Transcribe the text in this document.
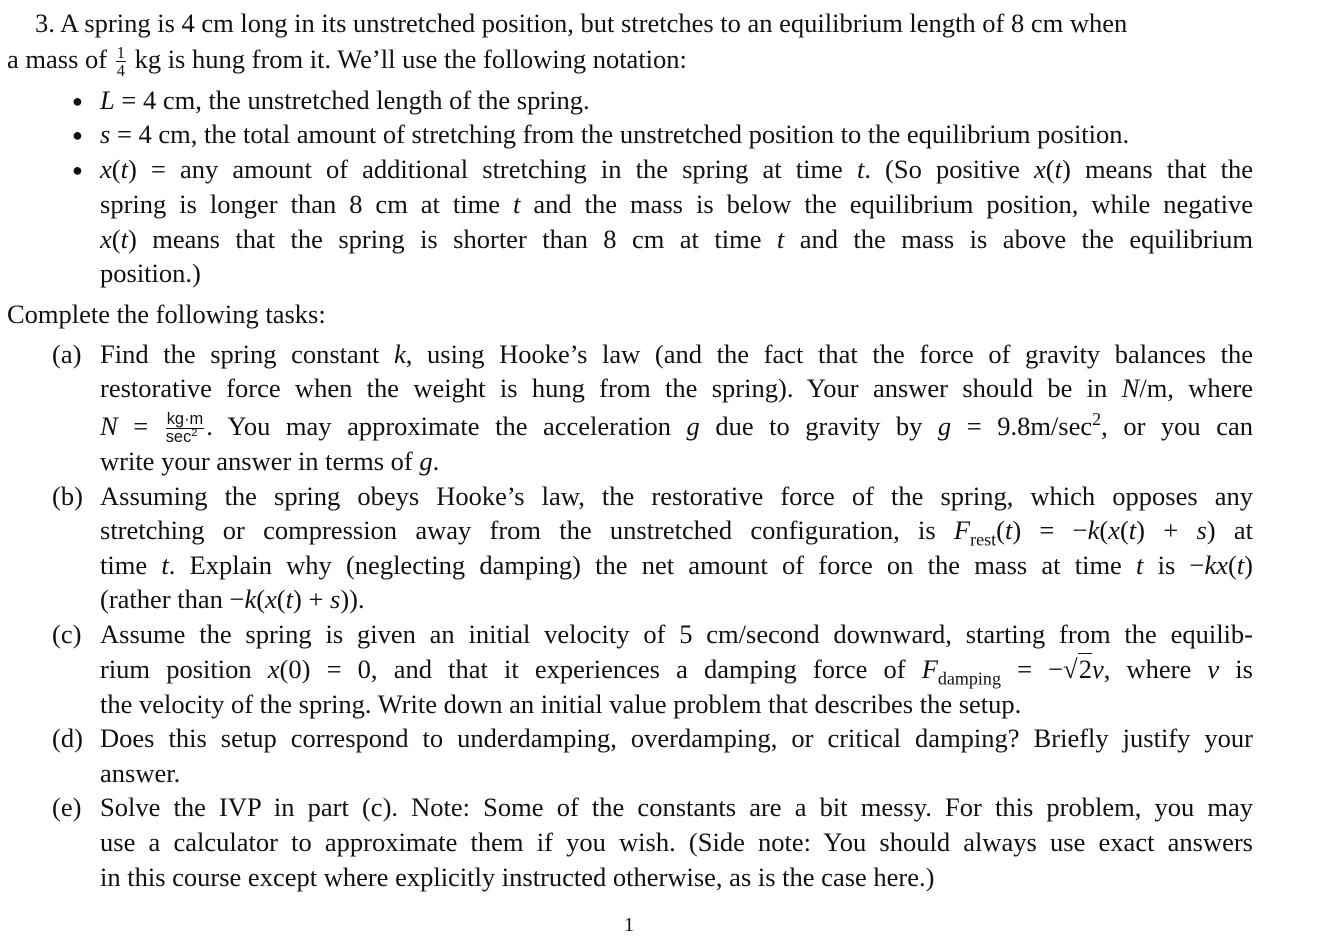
3. A spring is 4 cm long in its unstretched position, but stretches to an equilibrium length of 8 cm when
a mass of $\frac{1}{4}$ kg is hung from it. We’ll use the following notation:
● L = 4 cm, the unstretched length of the spring.
● s = 4 cm, the total amount of stretching from the unstretched position to the equilibrium position.
● x(t) = any amount of additional stretching in the spring at time t. (So positive x(t) means that the
spring is longer than 8 cm at time t and the mass is below the equilibrium position, while negative
x(t) means that the spring is shorter than 8 cm at time t and the mass is above the equilibrium
position.)
Complete the following tasks:
(a) Find the spring constant k, using Hooke’s law (and the fact that the force of gravity balances the
restorative force when the weight is hung from the spring). Your answer should be in N/m, where
$N = \frac{kg\cdot m}{\sec^2}$ . You may approximate the acceleration g due to gravity by $g = 9.8m/\sec^2$, or you can
write your answer in terms of g.
(b) Assuming the spring obeys Hooke’s law, the restorative force of the spring, which opposes any
stretching or compression away from the unstretched configuration, is $F_{rest}(t) = -k(x(t) + s)$ at
time t. Explain why (neglecting damping) the net amount of force on the mass at time t is −kx(t)
(rather than −k(x(t) + s)).
(c) Assume the spring is given an initial velocity of 5 cm/second downward, starting from the equilib-
rium position x(0) = 0, and that it experiences a damping force of $F_{damping} = -√2v$, where v is
the velocity of the spring. Write down an initial value problem that describes the setup.
(d) Does this setup correspond to underdamping, overdamping, or critical damping? Briefly justify your
answer.
(e) Solve the IVP in part (c). Note: Some of the constants are a bit messy. For this problem, you may
use a calculator to approximate them if you wish. (Side note: You should always use exact answers
in this course except where explicitly instructed otherwise, as is the case here.)
1
